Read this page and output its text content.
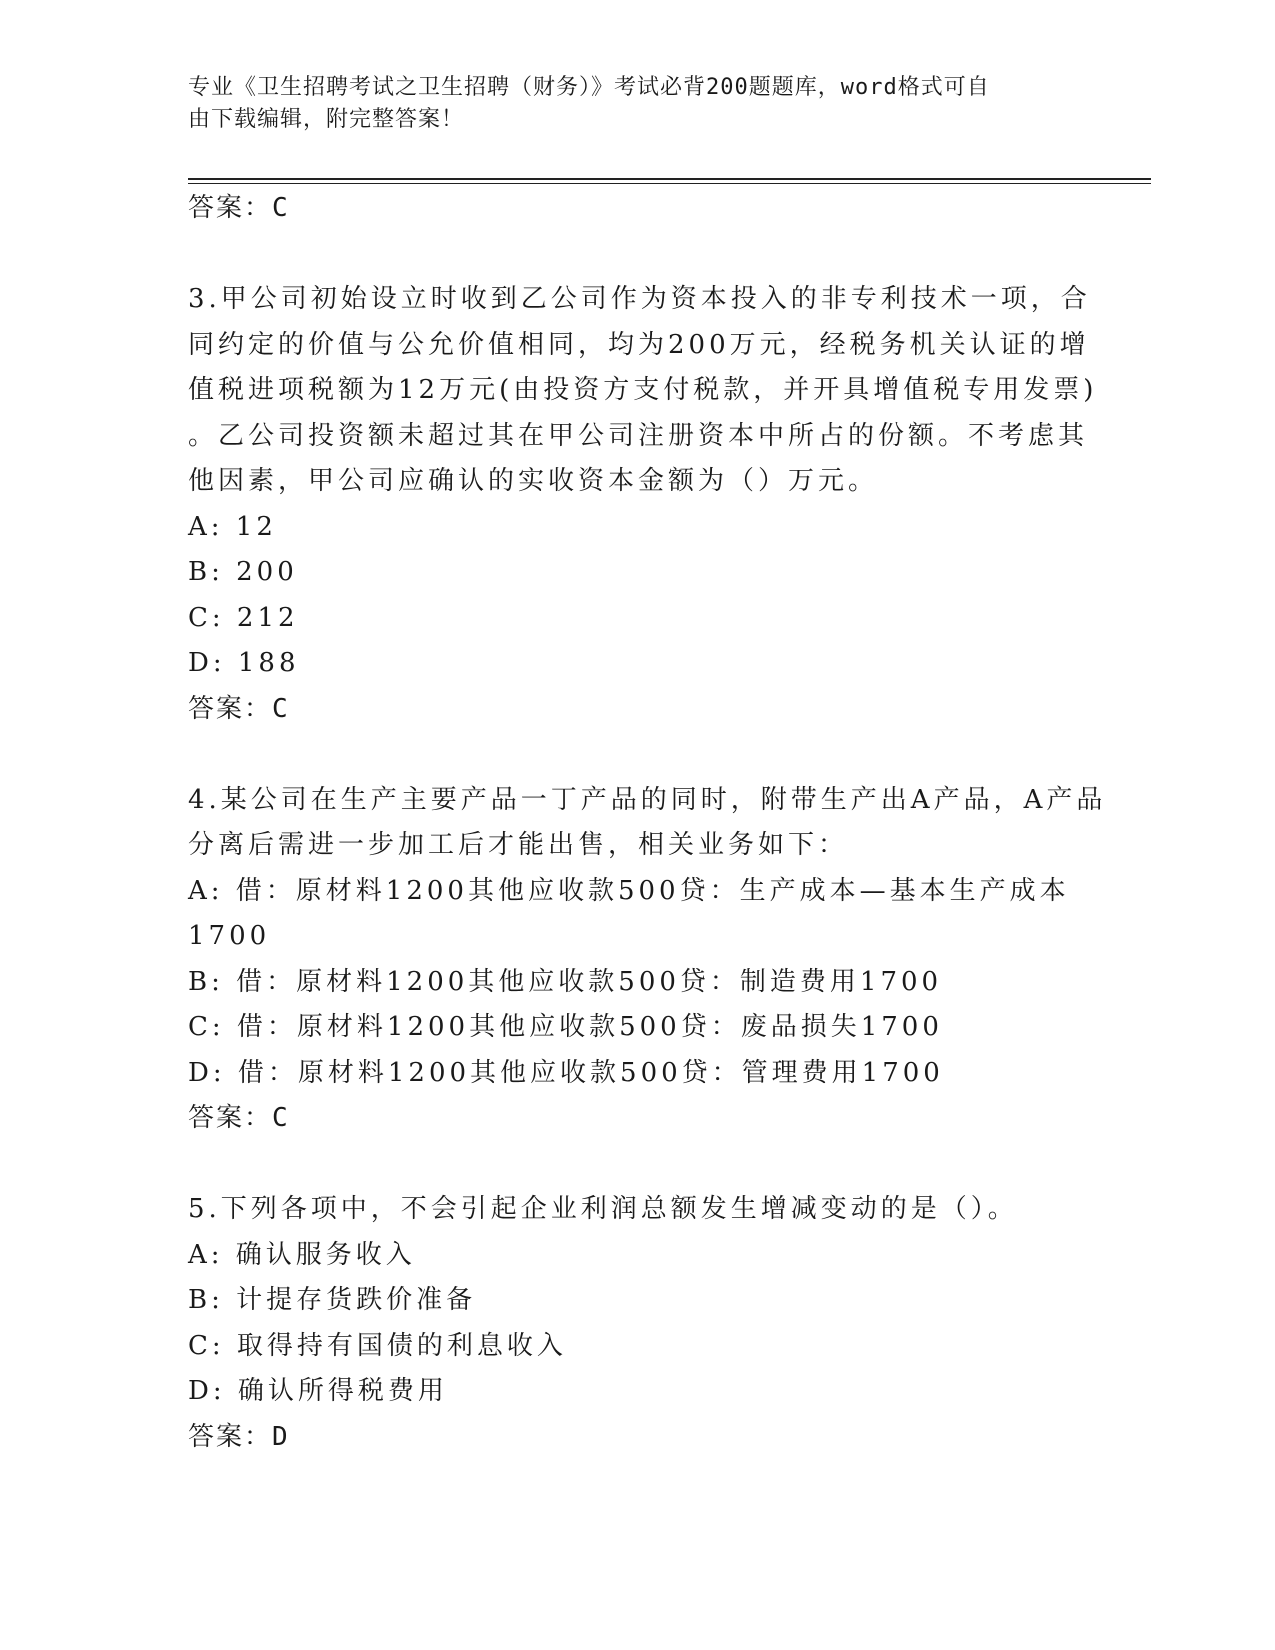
专业《卫生招聘考试之卫生招聘（财务）》考试必背200题题库，word格式可自
由下载编辑，附完整答案！
答案：C
3.甲公司初始设立时收到乙公司作为资本投入的非专利技术一项，合
同约定的价值与公允价值相同，均为200万元，经税务机关认证的增
值税进项税额为12万元(由投资方支付税款，并开具增值税专用发票)
。乙公司投资额未超过其在甲公司注册资本中所占的份额。不考虑其
他因素，甲公司应确认的实收资本金额为（）万元。
A: 12
B: 200
C: 212
D: 188
答案：C
4.某公司在生产主要产品一丁产品的同时，附带生产出A产品，A产品
分离后需进一步加工后才能出售，相关业务如下：
A: 借：原材料1200其他应收款500贷：生产成本—基本生产成本
1700
B: 借：原材料1200其他应收款500贷：制造费用1700
C: 借：原材料1200其他应收款500贷：废品损失1700
D: 借：原材料1200其他应收款500贷：管理费用1700
答案：C
5.下列各项中，不会引起企业利润总额发生增减变动的是（）。
A: 确认服务收入
B: 计提存货跌价准备
C: 取得持有国债的利息收入
D: 确认所得税费用
答案：D
